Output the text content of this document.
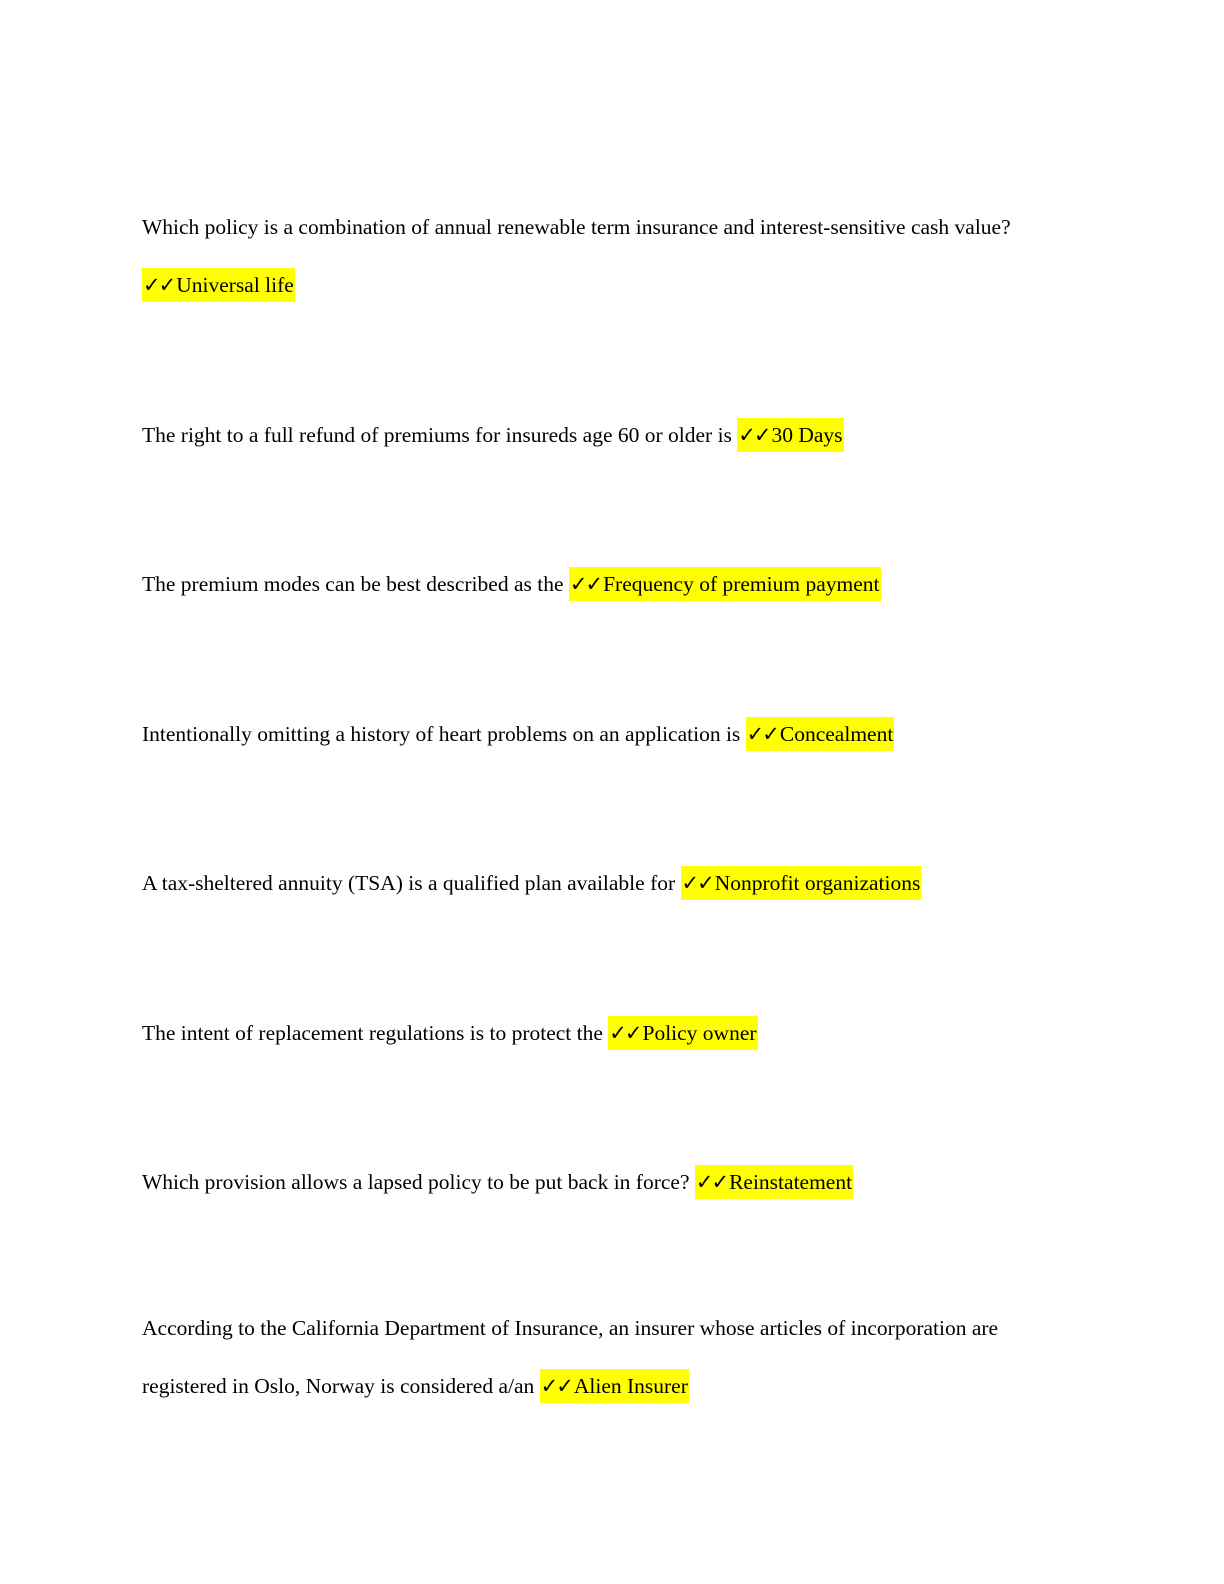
Which policy is a combination of annual renewable term insurance and interest-sensitive cash value? ✓✓Universal life

The right to a full refund of premiums for insureds age 60 or older is ✓✓30 Days

The premium modes can be best described as the ✓✓Frequency of premium payment

Intentionally omitting a history of heart problems on an application is ✓✓Concealment

A tax-sheltered annuity (TSA) is a qualified plan available for ✓✓Nonprofit organizations

The intent of replacement regulations is to protect the ✓✓Policy owner

Which provision allows a lapsed policy to be put back in force? ✓✓Reinstatement

According to the California Department of Insurance, an insurer whose articles of incorporation are registered in Oslo, Norway is considered a/an ✓✓Alien Insurer
